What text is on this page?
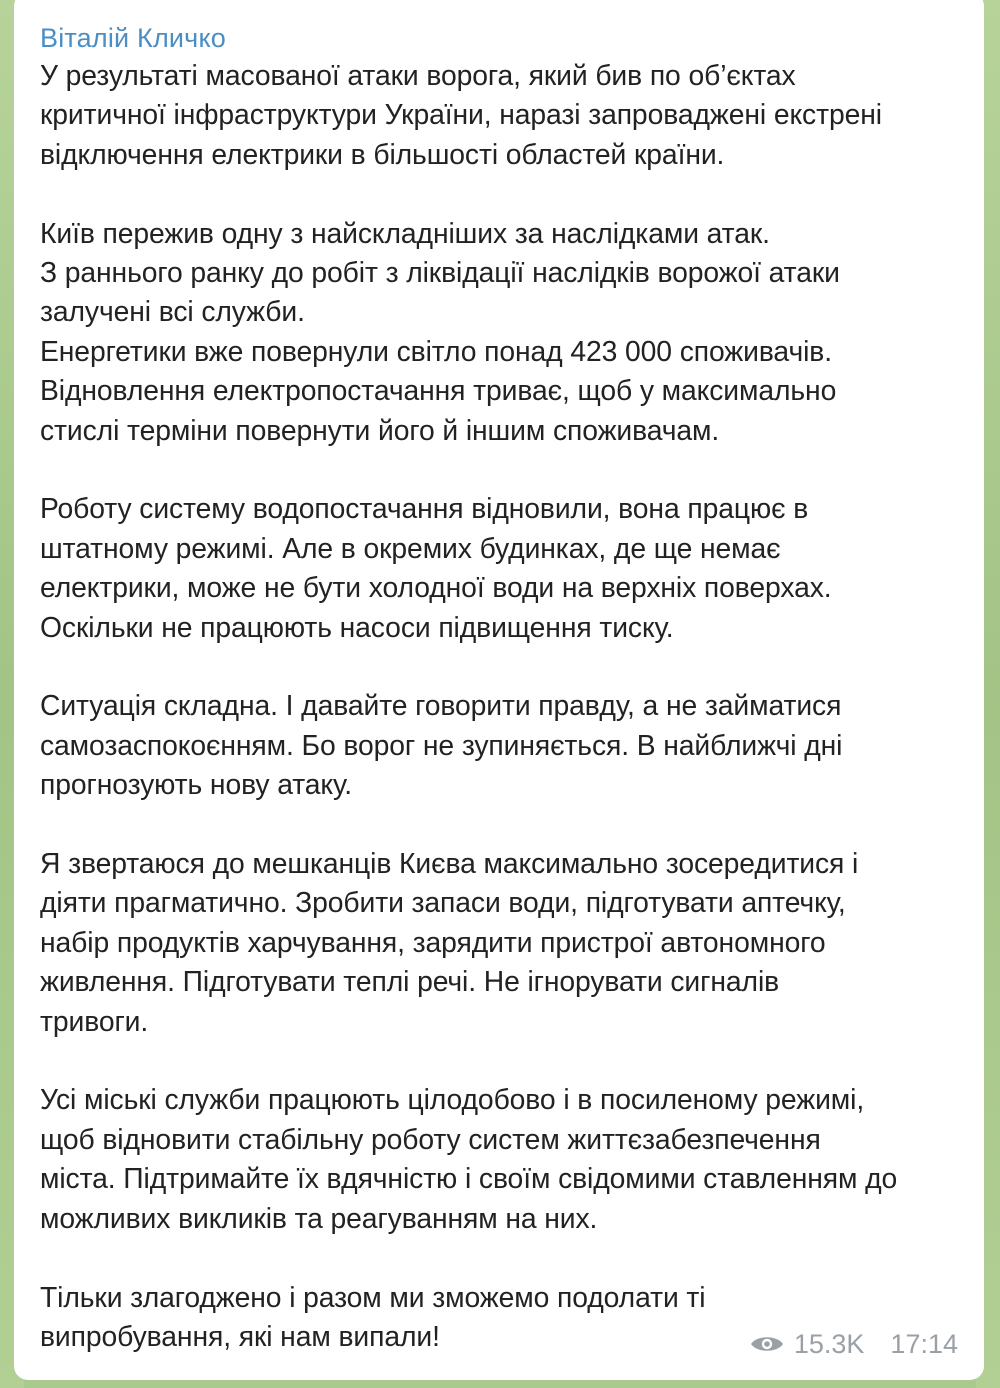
Віталій Кличко
У результаті масованої атаки ворога, який бив по об’єктах
критичної інфраструктури України, наразі запроваджені екстрені
відключення електрики в більшості областей країни.
Київ пережив одну з найскладніших за наслідками атак.
З раннього ранку до робіт з ліквідації наслідків ворожої атаки
залучені всі служби.
Енергетики вже повернули світло понад 423 000 споживачів.
Відновлення електропостачання триває, щоб у максимально
стислі терміни повернути його й іншим споживачам.
Роботу систему водопостачання відновили, вона працює в
штатному режимі. Але в окремих будинках, де ще немає
електрики, може не бути холодної води на верхніх поверхах.
Оскільки не працюють насоси підвищення тиску.
Ситуація складна. І давайте говорити правду, а не займатися
самозаспокоєнням. Бо ворог не зупиняється. В найближчі дні
прогнозують нову атаку.
Я звертаюся до мешканців Києва максимально зосередитися і
діяти прагматично. Зробити запаси води, підготувати аптечку,
набір продуктів харчування, зарядити пристрої автономного
живлення. Підготувати теплі речі. Не ігнорувати сигналів
тривоги.
Усі міські служби працюють цілодобово і в посиленому режимі,
щоб відновити стабільну роботу систем життєзабезпечення
міста. Підтримайте їх вдячністю і своїм свідомими ставленням до
можливих викликів та реагуванням на них.
Тільки злагоджено і разом ми зможемо подолати ті
випробування, які нам випали!	15.3K 17:14
